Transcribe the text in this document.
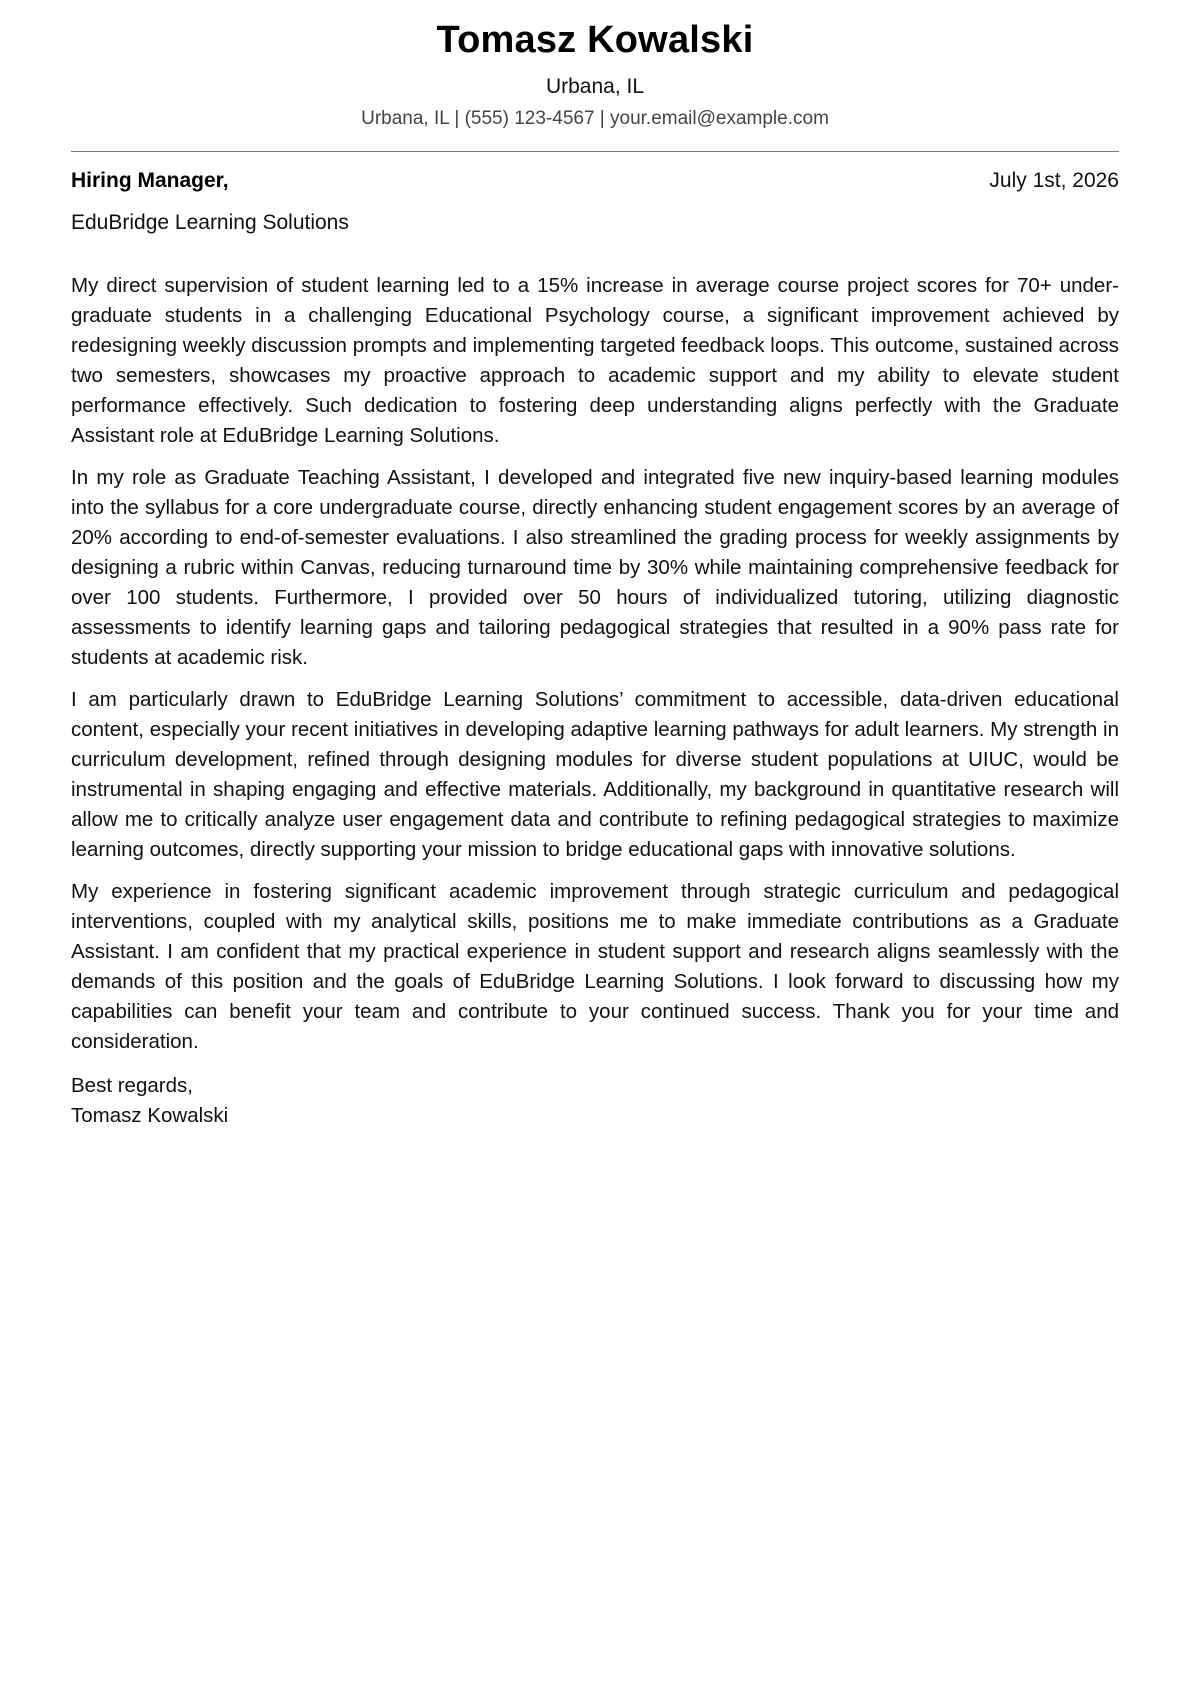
Tomasz Kowalski
Urbana, IL
Urbana, IL | (555) 123-4567 | your.email@example.com
Hiring Manager,	July 1st, 2026
EduBridge Learning Solutions

My direct supervision of student learning led to a 15% increase in average course project scores for 70+ undergraduate students in a challenging Educational Psychology course, a significant improvement achieved by redesigning weekly discussion prompts and implementing targeted feedback loops. This outcome, sustained across two semesters, showcases my proactive approach to academic support and my ability to elevate student performance effectively. Such dedication to fostering deep understanding aligns perfectly with the Graduate Assistant role at EduBridge Learning Solutions.

In my role as Graduate Teaching Assistant, I developed and integrated five new inquiry-based learning modules into the syllabus for a core undergraduate course, directly enhancing student engagement scores by an average of 20% according to end-of-semester evaluations. I also streamlined the grading process for weekly assignments by designing a rubric within Canvas, reducing turnaround time by 30% while maintaining comprehensive feedback for over 100 students. Furthermore, I provided over 50 hours of individualized tutoring, utilizing diagnostic assessments to identify learning gaps and tailoring pedagogical strategies that resulted in a 90% pass rate for students at academic risk.

I am particularly drawn to EduBridge Learning Solutions’ commitment to accessible, data-driven educational content, especially your recent initiatives in developing adaptive learning pathways for adult learners. My strength in curriculum development, refined through designing modules for diverse student populations at UIUC, would be instrumental in shaping engaging and effective materials. Additionally, my background in quantitative research will allow me to critically analyze user engagement data and contribute to refining pedagogical strategies to maximize learning outcomes, directly supporting your mission to bridge educational gaps with innovative solutions.

My experience in fostering significant academic improvement through strategic curriculum and pedagogical interventions, coupled with my analytical skills, positions me to make immediate contributions as a Graduate Assistant. I am confident that my practical experience in student support and research aligns seamlessly with the demands of this position and the goals of EduBridge Learning Solutions. I look forward to discussing how my capabilities can benefit your team and contribute to your continued success. Thank you for your time and consideration.

Best regards,
Tomasz Kowalski
